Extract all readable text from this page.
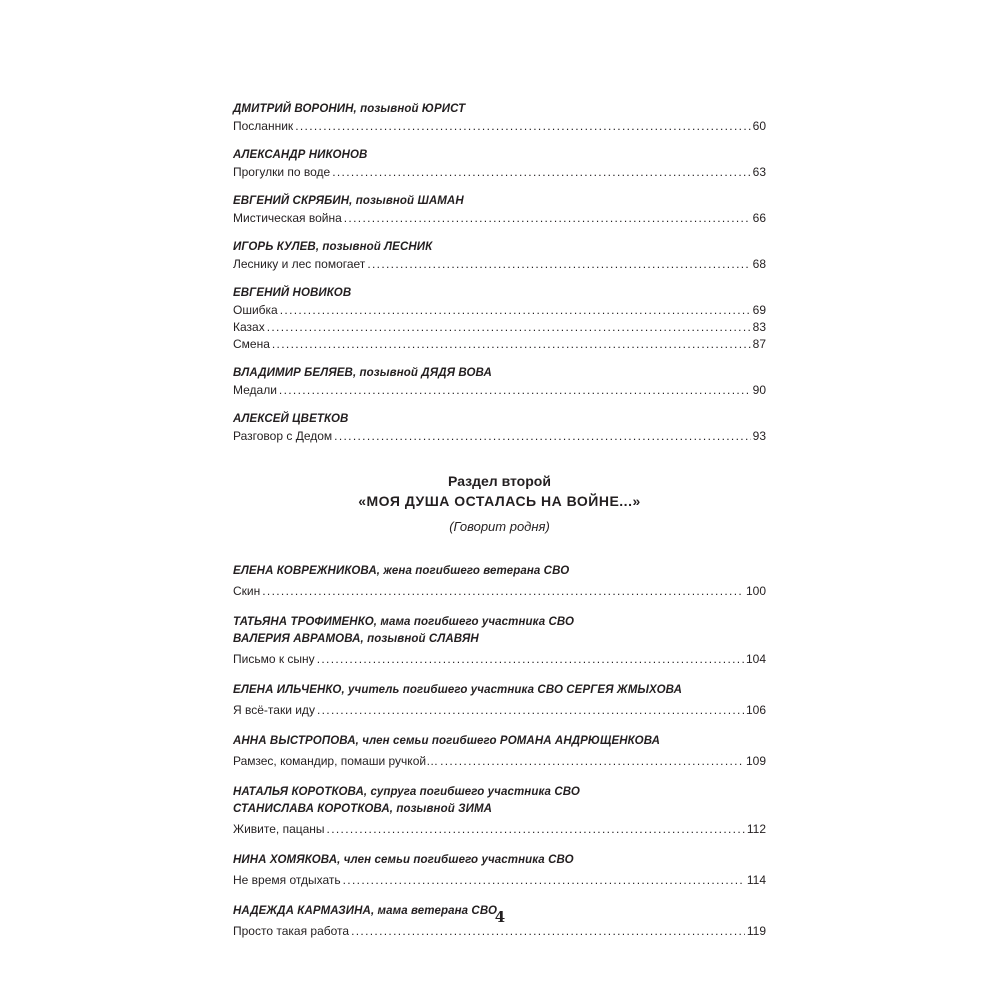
ДМИТРИЙ ВОРОНИН, позывной ЮРИСТ
Посланник . . .	60
АЛЕКСАНДР НИКОНОВ
Прогулки по воде . . .	63
ЕВГЕНИЙ СКРЯБИН, позывной ШАМАН
Мистическая война . . .	66
ИГОРЬ КУЛЕВ, позывной ЛЕСНИК
Леснику и лес помогает . . .	68
ЕВГЕНИЙ НОВИКОВ
Ошибка . . .	69
Казах . . .	83
Смена . . .	87
ВЛАДИМИР БЕЛЯЕВ, позывной ДЯДЯ ВОВА
Медали . . .	90
АЛЕКСЕЙ ЦВЕТКОВ
Разговор с Дедом . . .	93
Раздел второй
«МОЯ ДУША ОСТАЛАСЬ НА ВОЙНЕ...»
(Говорит родня)
ЕЛЕНА КОВРЕЖНИКОВА, жена погибшего ветерана СВО
Скин . . .	100
ТАТЬЯНА ТРОФИМЕНКО, мама погибшего участника СВО
ВАЛЕРИЯ АВРАМОВА, позывной СЛАВЯН
Письмо к сыну . . .	104
ЕЛЕНА ИЛЬЧЕНКО, учитель погибшего участника СВО СЕРГЕЯ ЖМЫХОВА
Я всё-таки иду . . .	106
АННА ВЫСТРОПОВА, член семьи погибшего РОМАНА АНДРЮЩЕНКОВА
Рамзес, командир, помаши ручкой… . . .	109
НАТАЛЬЯ КОРОТКОВА, супруга погибшего участника СВО
СТАНИСЛАВА КОРОТКОВА, позывной ЗИМА
Живите, пацаны . . .	112
НИНА ХОМЯКОВА, член семьи погибшего участника СВО
Не время отдыхать . . .	114
НАДЕЖДА КАРМАЗИНА, мама ветерана СВО
Просто такая работа . . .	119
4
